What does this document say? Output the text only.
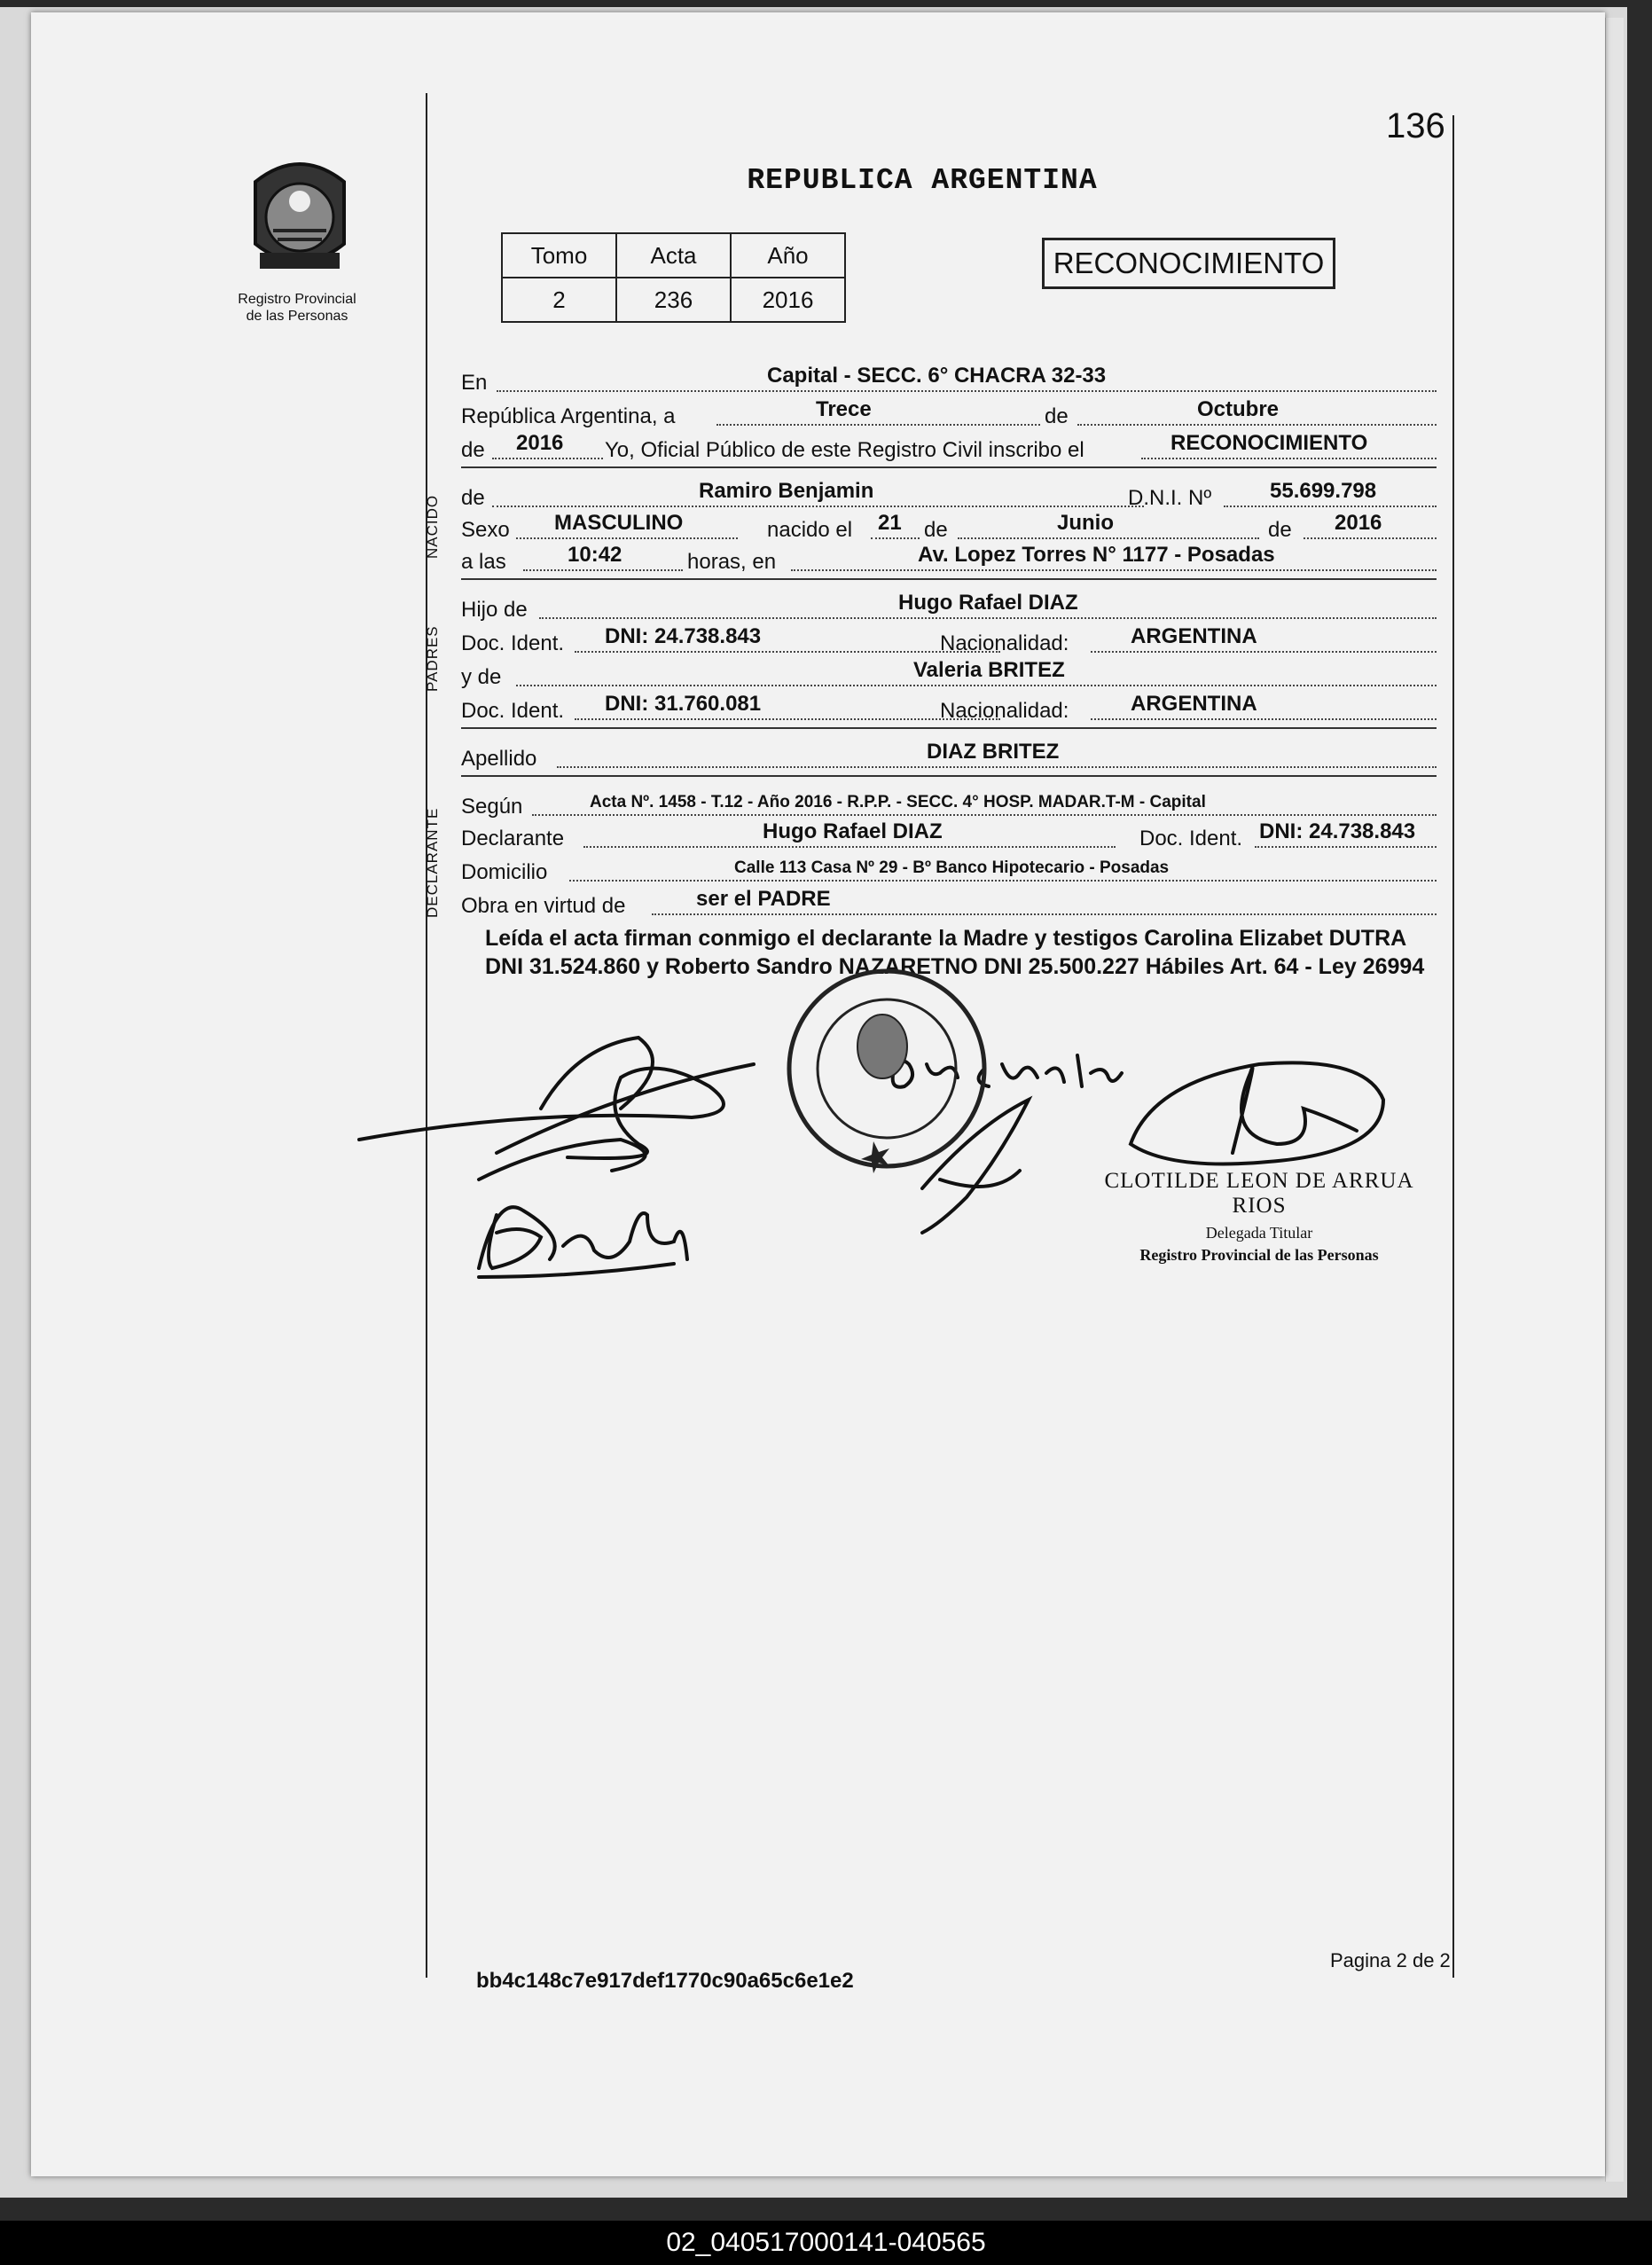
136
Registro Provincial
de las Personas
REPUBLICA ARGENTINA
Tomo	Acta	Año
2	236	2016
RECONOCIMIENTO
NACIDO
PADRES
DECLARANTE
En	Capital - SECC. 6° CHACRA 32-33
República Argentina, a	Trece	de	Octubre
de 2016 Yo, Oficial Público de este Registro Civil inscribo el	RECONOCIMIENTO
de	Ramiro Benjamin	D.N.I. Nº	55.699.798
Sexo MASCULINO	nacido el 21 de	Junio	de 2016
a las	10:42	horas, en	Av. Lopez Torres N° 1177 - Posadas
Hijo de	Hugo Rafael DIAZ
Doc. Ident. DNI: 24.738.843	Nacionalidad:	ARGENTINA
y de	Valeria BRITEZ
Doc. Ident. DNI: 31.760.081	Nacionalidad:	ARGENTINA
Apellido	DIAZ BRITEZ
Según	Acta Nº. 1458 - T.12 - Año 2016 - R.P.P. - SECC. 4° HOSP. MADAR.T-M - Capital
Declarante	Hugo Rafael DIAZ	Doc. Ident. DNI: 24.738.843
Domicilio	Calle 113 Casa Nº 29 - Bº Banco Hipotecario - Posadas
Obra en virtud de	ser el PADRE
Leída el acta firman conmigo el declarante la Madre y testigos Carolina Elizabet DUTRA DNI 31.524.860 y Roberto Sandro NAZARETNO DNI 25.500.227 Hábiles Art. 64 - Ley 26994
CLOTILDE LEON DE ARRUA RIOS
Delegada Titular
Registro Provincial de las Personas
bb4c148c7e917def1770c90a65c6e1e2
Pagina 2 de 2
02_040517000141-040565
